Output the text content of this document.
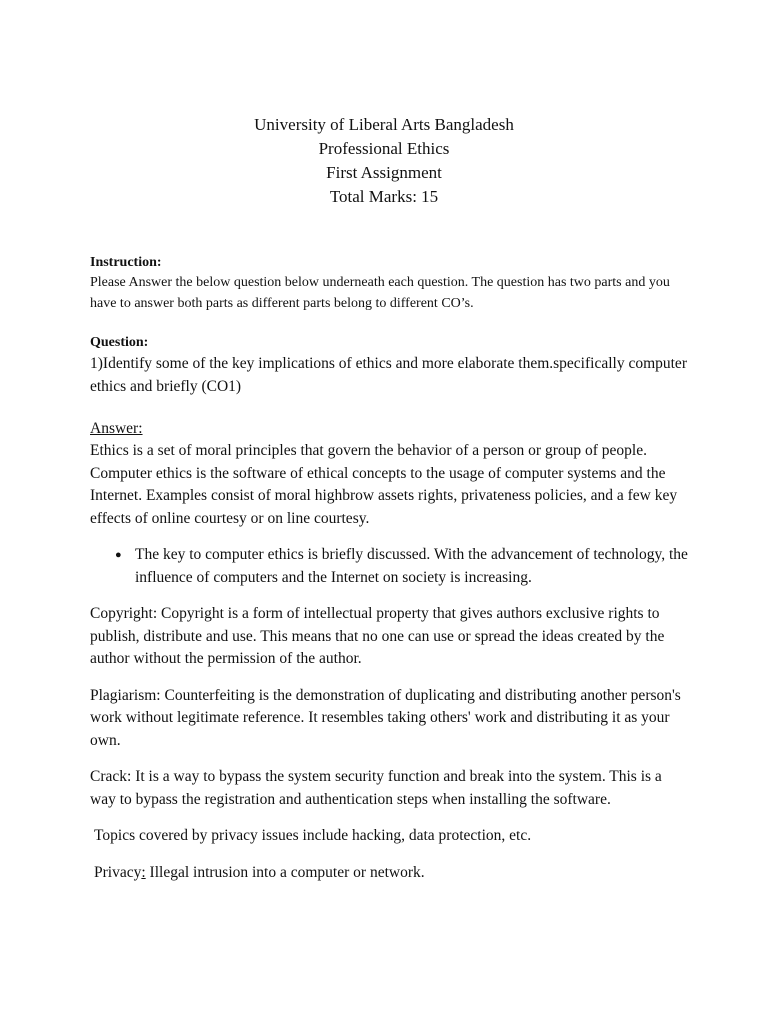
University of Liberal Arts Bangladesh
Professional Ethics
First Assignment
Total Marks: 15

Instruction:

Please Answer the below question below underneath each question. The question has two parts and you have to answer both parts as different parts belong to different CO’s.

Question:

1)Identify some of the key implications of ethics and more elaborate them.specifically computer ethics and briefly (CO1)

Answer:

Ethics is a set of moral principles that govern the behavior of a person or group of people. Computer ethics is the software of ethical concepts to the usage of computer systems and the Internet. Examples consist of moral highbrow assets rights, privateness policies, and a few key effects of online courtesy or on line courtesy.

● The key to computer ethics is briefly discussed. With the advancement of technology, the influence of computers and the Internet on society is increasing.

Copyright: Copyright is a form of intellectual property that gives authors exclusive rights to publish, distribute and use. This means that no one can use or spread the ideas created by the author without the permission of the author.

Plagiarism: Counterfeiting is the demonstration of duplicating and distributing another person's work without legitimate reference. It resembles taking others' work and distributing it as your own.

Crack: It is a way to bypass the system security function and break into the system. This is a way to bypass the registration and authentication steps when installing the software.

Topics covered by privacy issues include hacking, data protection, etc.

Privacy: Illegal intrusion into a computer or network.
